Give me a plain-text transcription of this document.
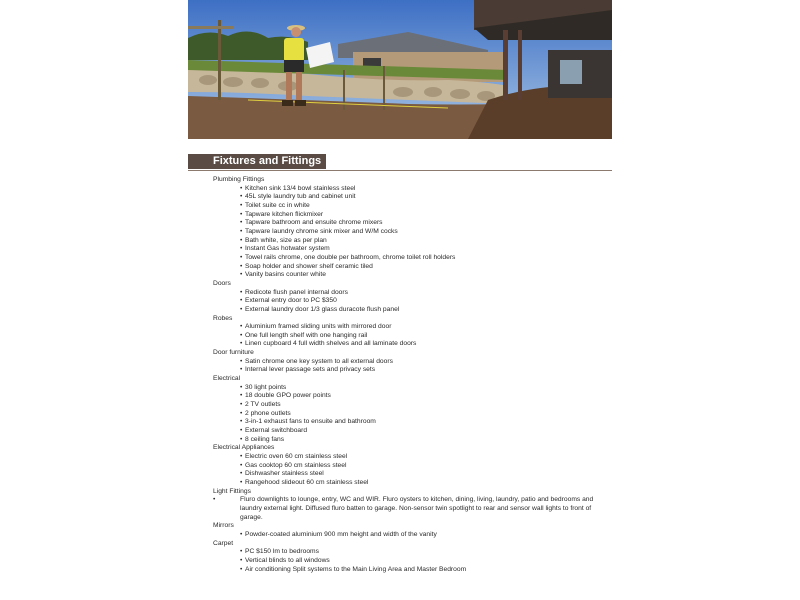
Fixtures and Fittings
Plumbing Fittings
• Kitchen sink 13/4 bowl stainless steel
• 45L style laundry tub and cabinet unit
• Toilet suite cc in white
• Tapware kitchen flickmixer
• Tapware bathroom and ensuite chrome mixers
• Tapware laundry chrome sink mixer and W/M cocks
• Bath white, size as per plan
• Instant Gas hotwater system
• Towel rails chrome, one double per bathroom, chrome toilet roll holders
• Soap holder and shower shelf ceramic tiled
• Vanity basins counter white
Doors
• Redicote flush panel internal doors
• External entry door to PC $350
• External laundry door 1/3 glass duracote flush panel
Robes
• Aluminium framed sliding units with mirrored door
• One full length shelf with one hanging rail
• Linen cupboard 4 full width shelves and all laminate doors
Door furniture
• Satin chrome one key system to all external doors
• Internal lever passage sets and privacy sets
Electrical
• 30 light points
• 18 double GPO power points
• 2 TV outlets
• 2 phone outlets
• 3-in-1 exhaust fans to ensuite and bathroom
• External switchboard
• 8 ceiling fans
Electrical Appliances
• Electric oven 60 cm stainless steel
• Gas cooktop 60 cm stainless steel
• Dishwasher stainless steel
• Rangehood slideout 60 cm stainless steel
Light Fittings
• Fluro downlights to lounge, entry, WC and WIR. Fluro oysters to kitchen, dining, living, laundry, patio and bedrooms and laundry external light. Diffused fluro batten to garage. Non-sensor twin spotlight to rear and sensor wall lights to front of garage.
Mirrors
• Powder-coated aluminium 900 mm height and width of the vanity
Carpet
• PC $150 lm to bedrooms
• Vertical blinds to all windows
• Air conditioning Split systems to the Main Living Area and Master Bedroom
